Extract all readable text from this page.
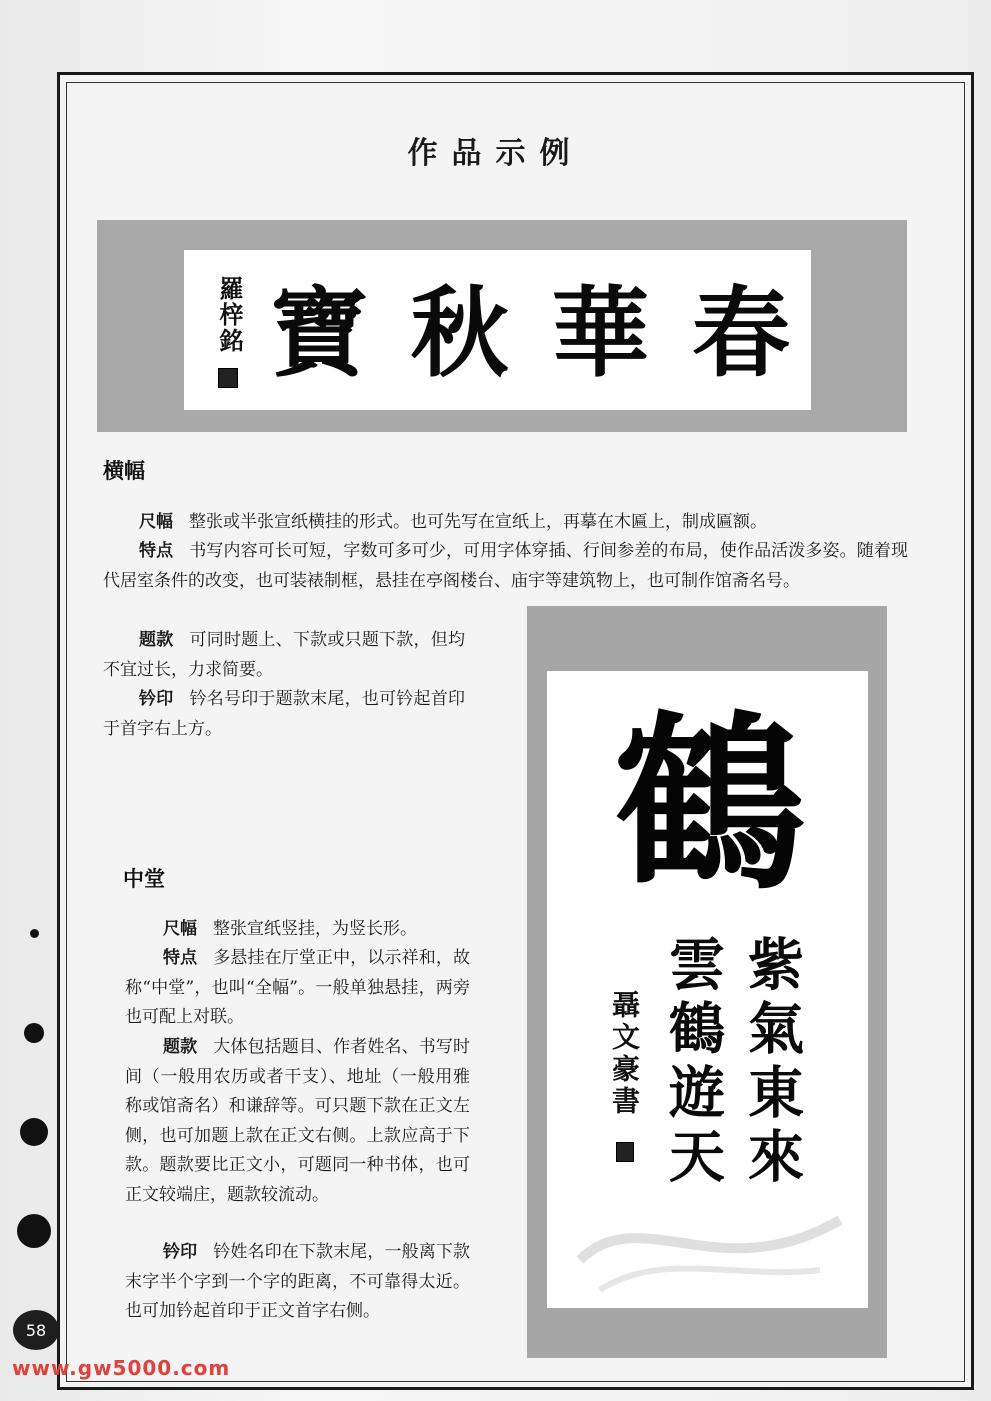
作品示例
羅梓銘 寶 秋 華 春
横幅
尺幅 整张或半张宣纸横挂的形式。也可先写在宣纸上，再摹在木匾上，制成匾额。
特点 书写内容可长可短，字数可多可少，可用字体穿插、行间参差的布局，使作品活泼多姿。随着现代居室条件的改变，也可装裱制框，悬挂在亭阁楼台、庙宇等建筑物上，也可制作馆斋名号。
题款 可同时题上、下款或只题下款，但均不宜过长，力求简要。
钤印 钤名号印于题款末尾，也可钤起首印于首字右上方。
中堂
尺幅 整张宣纸竖挂，为竖长形。
特点 多悬挂在厅堂正中，以示祥和，故称“中堂”，也叫“全幅”。一般单独悬挂，两旁也可配上对联。
题款 大体包括题目、作者姓名、书写时间（一般用农历或者干支）、地址（一般用雅称或馆斋名）和谦辞等。可只题下款在正文左侧，也可加题上款在正文右侧。上款应高于下款。题款要比正文小，可题同一种书体，也可正文较端庄，题款较流动。
钤印 钤姓名印在下款末尾，一般离下款末字半个字到一个字的距离，不可靠得太近。也可加钤起首印于正文首字右侧。
鶴
紫氣東來
雲鶴遊天
聶文豪書
58
www.gw5000.com
